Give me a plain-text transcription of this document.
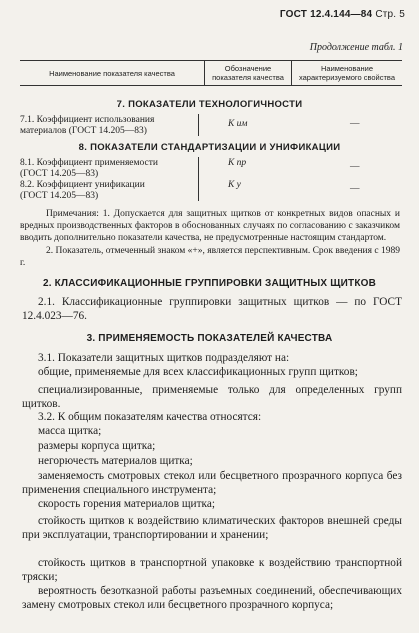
ГОСТ 12.4.144—84 Стр. 5
Продолжение табл. 1
Наименование показателя качества	Обозначение показателя качества	Наименование характеризуемого свойства
7. ПОКАЗАТЕЛИ ТЕХНОЛОГИЧНОСТИ
7.1. Коэффициент использования
материалов (ГОСТ 14.205—83)
К им	—
8. ПОКАЗАТЕЛИ СТАНДАРТИЗАЦИИ И УНИФИКАЦИИ
8.1. Коэффициент применяемости
(ГОСТ 14.205—83)
К пр	—
8.2. Коэффициент унификации
(ГОСТ 14.205—83)
К у	—
Примечания: 1. Допускается для защитных щитков от конкретных видов опасных и вредных производственных факторов в обоснованных случаях по согласованию с заказчиком вводить дополнительно показатели качества, не предусмотренные настоящим стандартом.
2. Показатель, отмеченный знаком «+», является перспективным. Срок введения с 1989 г.
2. КЛАССИФИКАЦИОННЫЕ ГРУППИРОВКИ ЗАЩИТНЫХ ЩИТКОВ
2.1. Классификационные группировки защитных щитков — по ГОСТ 12.4.023—76.
3. ПРИМЕНЯЕМОСТЬ ПОКАЗАТЕЛЕЙ КАЧЕСТВА
3.1. Показатели защитных щитков подразделяют на:
общие, применяемые для всех классификационных групп щитков;
специализированные, применяемые только для определенных групп щитков.
3.2. К общим показателям качества относятся:
масса щитка;
размеры корпуса щитка;
негорючесть материалов щитка;
заменяемость смотровых стекол или бесцветного прозрачного корпуса без применения специального инструмента;
скорость горения материалов щитка;
стойкость щитков к воздействию климатических факторов внешней среды при эксплуатации, транспортировании и хранении;
стойкость щитков в транспортной упаковке к воздействию транспортной тряски;
вероятность безотказной работы разъемных соединений, обеспечивающих замену смотровых стекол или бесцветного прозрачного корпуса;
